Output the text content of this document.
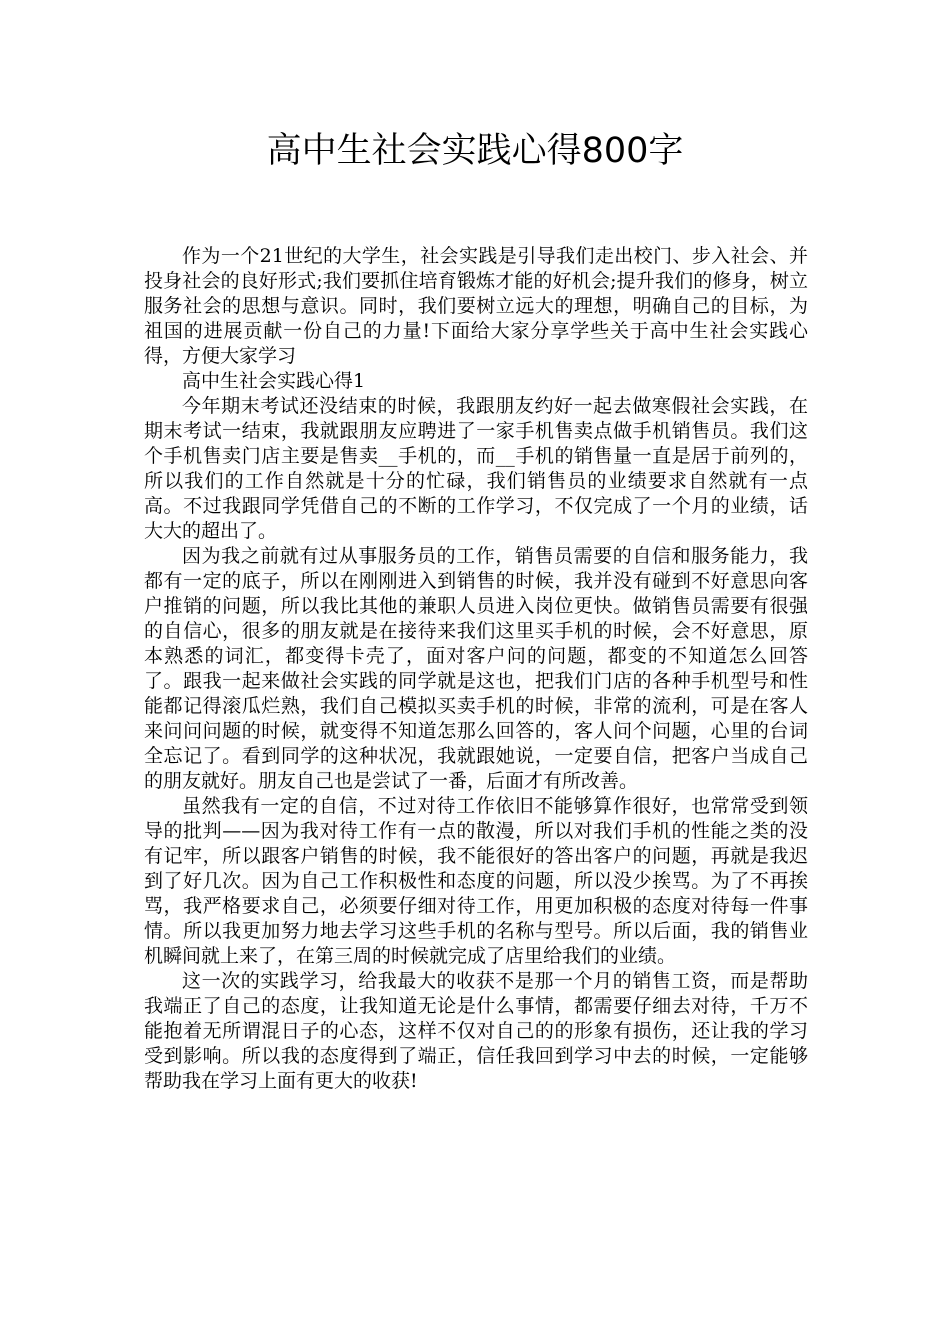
高中生社会实践心得800字

作为一个21世纪的大学生，社会实践是引导我们走出校门、步入社会、并投身社会的良好形式;我们要抓住培育锻炼才能的好机会;提升我们的修身，树立服务社会的思想与意识。同时，我们要树立远大的理想，明确自己的目标，为祖国的进展贡献一份自己的力量!下面给大家分享学些关于高中生社会实践心得，方便大家学习

高中生社会实践心得1

今年期末考试还没结束的时候，我跟朋友约好一起去做寒假社会实践，在期末考试一结束，我就跟朋友应聘进了一家手机售卖点做手机销售员。我们这个手机售卖门店主要是售卖__手机的，而__手机的销售量一直是居于前列的，所以我们的工作自然就是十分的忙碌，我们销售员的业绩要求自然就有一点高。不过我跟同学凭借自己的不断的工作学习，不仅完成了一个月的业绩，话大大的超出了。

因为我之前就有过从事服务员的工作，销售员需要的自信和服务能力，我都有一定的底子，所以在刚刚进入到销售的时候，我并没有碰到不好意思向客户推销的问题，所以我比其他的兼职人员进入岗位更快。做销售员需要有很强的自信心，很多的朋友就是在接待来我们这里买手机的时候，会不好意思，原本熟悉的词汇，都变得卡壳了，面对客户问的问题，都变的不知道怎么回答了。跟我一起来做社会实践的同学就是这也，把我们门店的各种手机型号和性能都记得滚瓜烂熟，我们自己模拟买卖手机的时候，非常的流利，可是在客人来问问问题的时候，就变得不知道怎那么回答的，客人问个问题，心里的台词全忘记了。看到同学的这种状况，我就跟她说，一定要自信，把客户当成自己的朋友就好。朋友自己也是尝试了一番，后面才有所改善。

虽然我有一定的自信，不过对待工作依旧不能够算作很好，也常常受到领导的批判——因为我对待工作有一点的散漫，所以对我们手机的性能之类的没有记牢，所以跟客户销售的时候，我不能很好的答出客户的问题，再就是我迟到了好几次。因为自己工作积极性和态度的问题，所以没少挨骂。为了不再挨骂，我严格要求自己，必须要仔细对待工作，用更加积极的态度对待每一件事情。所以我更加努力地去学习这些手机的名称与型号。所以后面，我的销售业机瞬间就上来了，在第三周的时候就完成了店里给我们的业绩。

这一次的实践学习，给我最大的收获不是那一个月的销售工资，而是帮助我端正了自己的态度，让我知道无论是什么事情，都需要仔细去对待，千万不能抱着无所谓混日子的心态，这样不仅对自己的的形象有损伤，还让我的学习受到影响。所以我的态度得到了端正，信任我回到学习中去的时候，一定能够帮助我在学习上面有更大的收获!
